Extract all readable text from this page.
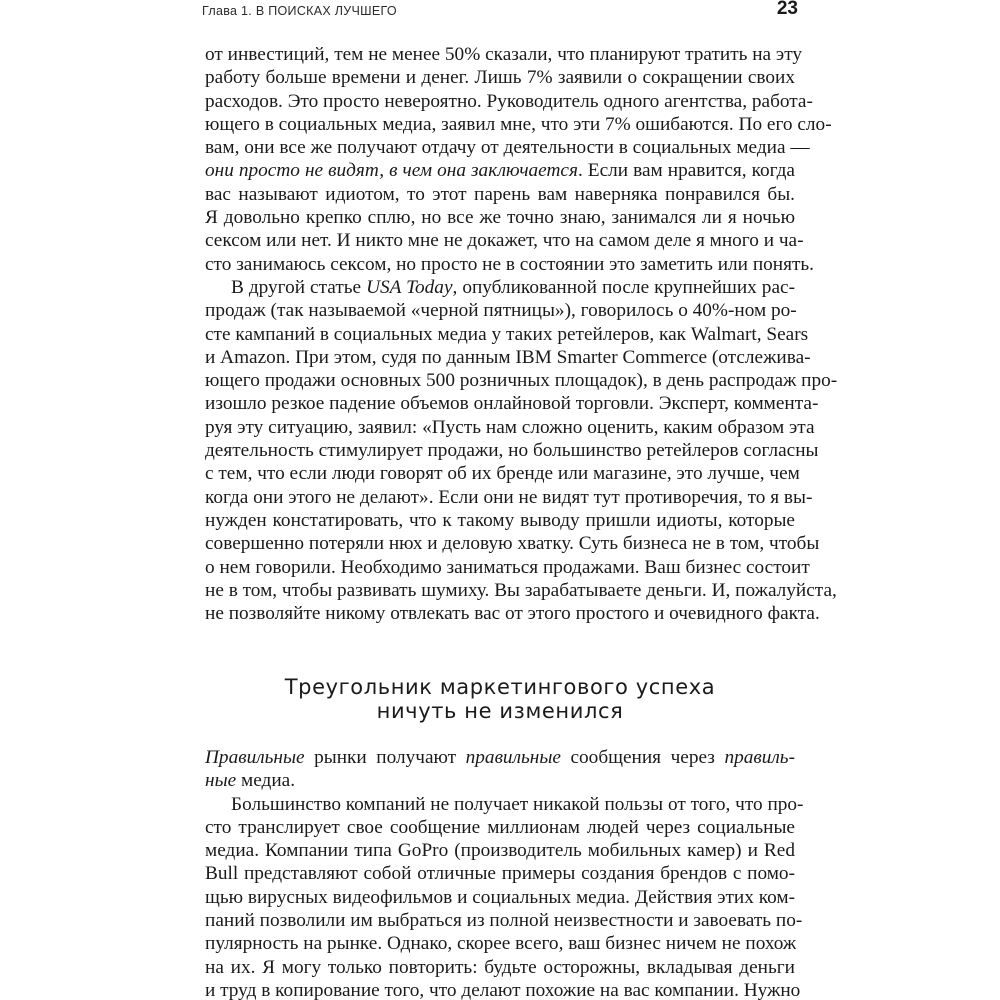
Глава 1. В ПОИСКАХ ЛУЧШЕГО	23
от инвестиций, тем не менее 50% сказали, что планируют тратить на эту
работу больше времени и денег. Лишь 7% заявили о сокращении своих
расходов. Это просто невероятно. Руководитель одного агентства, работа-
ющего в социальных медиа, заявил мне, что эти 7% ошибаются. По его сло-
вам, они все же получают отдачу от деятельности в социальных медиа —
они просто не видят, в чем она заключается. Если вам нравится, когда
вас называют идиотом, то этот парень вам наверняка понравился бы.
Я довольно крепко сплю, но все же точно знаю, занимался ли я ночью
сексом или нет. И никто мне не докажет, что на самом деле я много и ча-
сто занимаюсь сексом, но просто не в состоянии это заметить или понять.
В другой статье USA Today, опубликованной после крупнейших рас-
продаж (так называемой «черной пятницы»), говорилось о 40%-ном ро-
сте кампаний в социальных медиа у таких ретейлеров, как Walmart, Sears
и Amazon. При этом, судя по данным IBM Smarter Commerce (отслежива-
ющего продажи основных 500 розничных площадок), в день распродаж про-
изошло резкое падение объемов онлайновой торговли. Эксперт, коммента-
руя эту ситуацию, заявил: «Пусть нам сложно оценить, каким образом эта
деятельность стимулирует продажи, но большинство ретейлеров согласны
с тем, что если люди говорят об их бренде или магазине, это лучше, чем
когда они этого не делают». Если они не видят тут противоречия, то я вы-
нужден констатировать, что к такому выводу пришли идиоты, которые
совершенно потеряли нюх и деловую хватку. Суть бизнеса не в том, чтобы
о нем говорили. Необходимо заниматься продажами. Ваш бизнес состоит
не в том, чтобы развивать шумиху. Вы зарабатываете деньги. И, пожалуйста,
не позволяйте никому отвлекать вас от этого простого и очевидного факта.
Треугольник маркетингового успеха
ничуть не изменился
Правильные рынки получают правильные сообщения через правиль-
ные медиа.
Большинство компаний не получает никакой пользы от того, что про-
сто транслирует свое сообщение миллионам людей через социальные
медиа. Компании типа GoPro (производитель мобильных камер) и Red
Bull представляют собой отличные примеры создания брендов с помо-
щью вирусных видеофильмов и социальных медиа. Действия этих ком-
паний позволили им выбраться из полной неизвестности и завоевать по-
пулярность на рынке. Однако, скорее всего, ваш бизнес ничем не похож
на их. Я могу только повторить: будьте осторожны, вкладывая деньги
и труд в копирование того, что делают похожие на вас компании. Нужно
